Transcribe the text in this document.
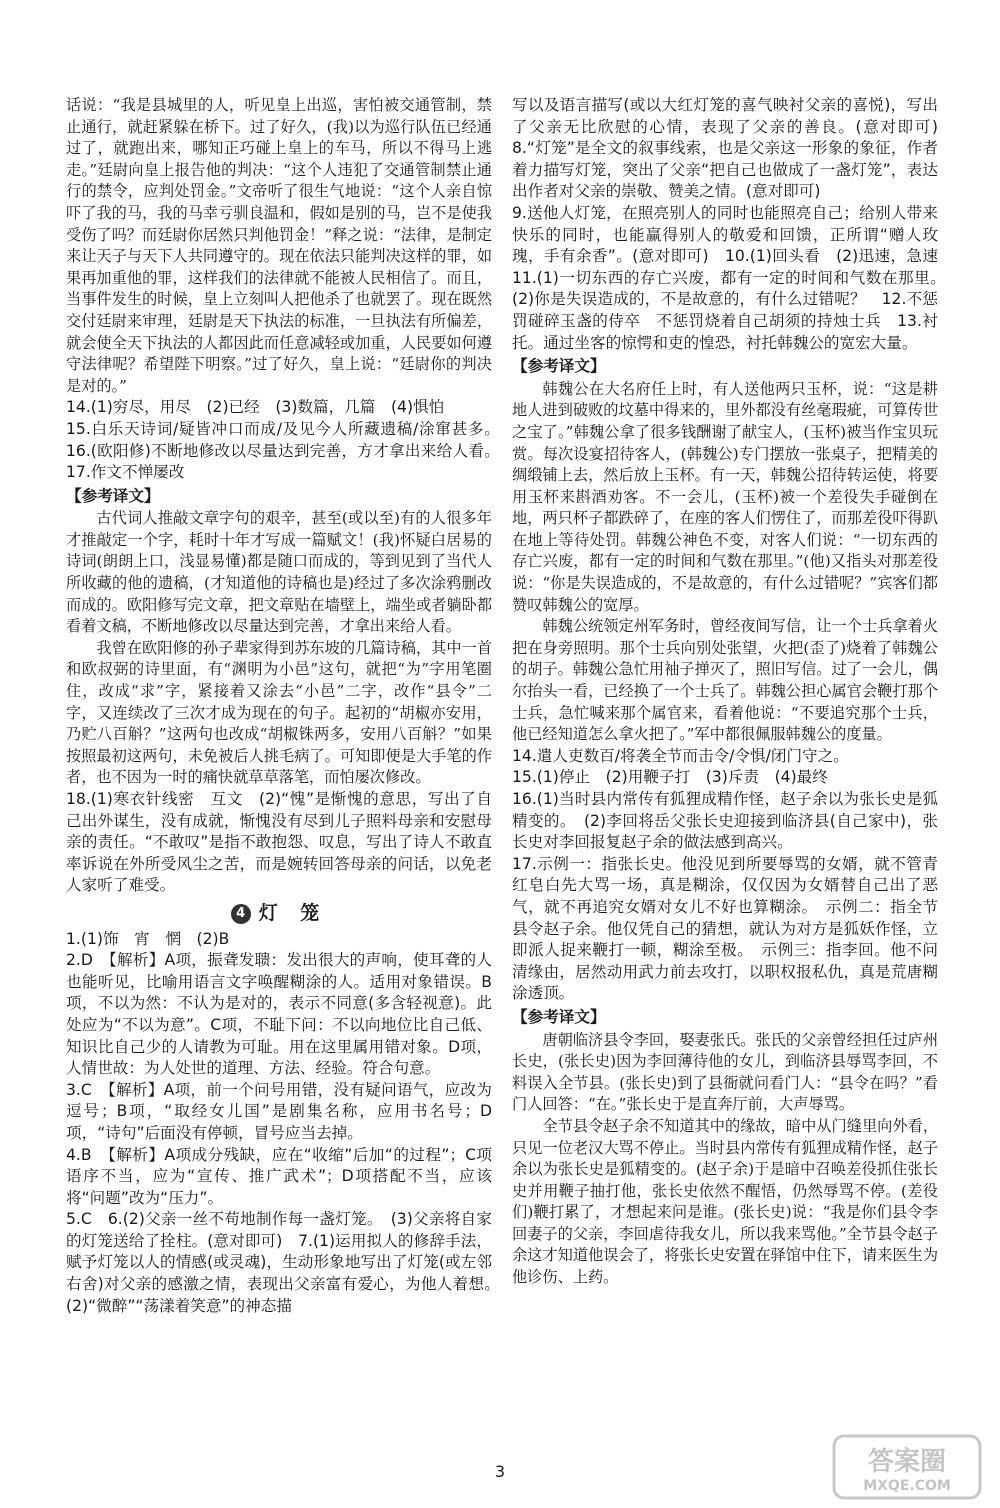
话说：“我是县城里的人，听见皇上出巡，害怕被交通管制，禁止通行，就赶紧躲在桥下。过了好久，(我)以为巡行队伍已经通过了，就跑出来，哪知正巧碰上皇上的车马，所以不得马上逃走。”廷尉向皇上报告他的判决：“这个人违犯了交通管制禁止通行的禁令，应判处罚金。”文帝听了很生气地说：“这个人亲自惊吓了我的马，我的马幸亏驯良温和，假如是别的马，岂不是使我受伤了吗？而廷尉你居然只判他罚金！”释之说：“法律，是制定来让天子与天下人共同遵守的。现在依法只能判决这样的罪，如果再加重他的罪，这样我们的法律就不能被人民相信了。而且，当事件发生的时候，皇上立刻叫人把他杀了也就罢了。现在既然交付廷尉来审理，廷尉是天下执法的标准，一旦执法有所偏差，就会使全天下执法的人都因此而任意减轻或加重，人民要如何遵守法律呢？希望陛下明察。”过了好久，皇上说：“廷尉你的判决是对的。”

14.(1)穷尽，用尽　(2)已经　(3)数篇，几篇　(4)惧怕

15.白乐天诗词/疑皆冲口而成/及见今人所藏遗稿/涂窜甚多。　16.(欧阳修)不断地修改以尽量达到完善，方才拿出来给人看。　17.作文不惮屡改

【参考译文】

古代词人推敲文章字句的艰辛，甚至(或以至)有的人很多年才推敲定一个字，耗时十年才写成一篇赋文！(我)怀疑白居易的诗词(朗朗上口，浅显易懂)都是随口而成的，等到见到了当代人所收藏的他的遗稿，(才知道他的诗稿也是)经过了多次涂鸦删改而成的。欧阳修写完文章，把文章贴在墙壁上，端坐或者躺卧都看着文稿，不断地修改以尽量达到完善，才拿出来给人看。

我曾在欧阳修的孙子辈家得到苏东坡的几篇诗稿，其中一首和欧叔弼的诗里面，有“渊明为小邑”这句，就把“为”字用笔圈住，改成“求”字，紧接着又涂去“小邑”二字，改作“县令”二字，又连续改了三次才成为现在的句子。起初的“胡椒亦安用，乃贮八百斛？”这两句也改成“胡椒铢两多，安用八百斛？”如果按照最初这两句，未免被后人挑毛病了。可知即便是大手笔的作者，也不因为一时的痛快就草草落笔，而怕屡次修改。

18.(1)寒衣针线密　互文　(2)“愧”是惭愧的意思，写出了自己出外谋生，没有成就，惭愧没有尽到儿子照料母亲和安慰母亲的责任。“不敢叹”是指不敢抱怨、叹息，写出了诗人不敢直率诉说在外所受风尘之苦，而是婉转回答母亲的问话，以免老人家听了难受。

4 灯 笼

1.(1)饰　宵　惘　(2)B

2.D　【解析】A项，振聋发聩：发出很大的声响，使耳聋的人也能听见，比喻用语言文字唤醒糊涂的人。适用对象错误。B项，不以为然：不认为是对的，表示不同意(多含轻视意)。此处应为“不以为意”。C项，不耻下问：不以向地位比自己低、知识比自己少的人请教为可耻。用在这里属用错对象。D项，人情世故：为人处世的道理、方法、经验。符合句意。

3.C　【解析】A项，前一个问号用错，没有疑问语气，应改为逗号；B项，“取经女儿国”是剧集名称，应用书名号；D项，“诗句”后面没有停顿，冒号应当去掉。

4.B　【解析】A项成分残缺，应在“收缩”后加“的过程”；C项语序不当，应为“宣传、推广武术”；D项搭配不当，应该将“问题”改为“压力”。

5.C　6.(2)父亲一丝不苟地制作每一盏灯笼。　(3)父亲将自家的灯笼送给了拴柱。(意对即可)　7.(1)运用拟人的修辞手法，赋予灯笼以人的情感(或灵魂)，生动形象地写出了灯笼(或左邻右舍)对父亲的感激之情，表现出父亲富有爱心，为他人着想。　(2)“微醉”“荡漾着笑意”的神态描

写以及语言描写(或以大红灯笼的喜气映衬父亲的喜悦)，写出了父亲无比欣慰的心情，表现了父亲的善良。(意对即可)　8.“灯笼”是全文的叙事线索，也是父亲这一形象的象征，作者着力描写灯笼，突出了父亲“把自己也做成了一盏灯笼”，表达出作者对父亲的崇敬、赞美之情。(意对即可)

9.送他人灯笼，在照亮别人的同时也能照亮自己；给别人带来快乐的同时，也能赢得别人的敬爱和回馈，正所谓“赠人玫瑰，手有余香”。(意对即可)　10.(1)回头看　(2)迅速，急速　11.(1)一切东西的存亡兴废，都有一定的时间和气数在那里。　(2)你是失误造成的，不是故意的，有什么过错呢？　12.不惩罚碰碎玉盏的侍卒　不惩罚烧着自己胡须的持烛士兵　13.衬托。通过坐客的惊愕和吏的惶恐，衬托韩魏公的宽宏大量。

【参考译文】

韩魏公在大名府任上时，有人送他两只玉杯，说：“这是耕地人进到破败的坟墓中得来的，里外都没有丝毫瑕疵，可算传世之宝了。”韩魏公拿了很多钱酬谢了献宝人，(玉杯)被当作宝贝玩赏。每次设宴招待客人，(韩魏公)专门摆放一张桌子，把精美的绸缎铺上去，然后放上玉杯。有一天，韩魏公招待转运使，将要用玉杯来斟酒劝客。不一会儿，(玉杯)被一个差役失手碰倒在地，两只杯子都跌碎了，在座的客人们愣住了，而那差役吓得趴在地上等待处罚。韩魏公神色不变，对客人们说：“一切东西的存亡兴废，都有一定的时间和气数在那里。”(他)又指头对那差役说：“你是失误造成的，不是故意的，有什么过错呢？”宾客们都赞叹韩魏公的宽厚。

韩魏公统领定州军务时，曾经夜间写信，让一个士兵拿着火把在身旁照明。那个士兵向别处张望，火把(歪了)烧着了韩魏公的胡子。韩魏公急忙用袖子掸灭了，照旧写信。过了一会儿，偶尔抬头一看，已经换了一个士兵了。韩魏公担心属官会鞭打那个士兵，急忙喊来那个属官来，看着他说：“不要追究那个士兵，他已经知道怎么拿火把了。”军中都很佩服韩魏公的度量。

14.遣人吏数百/将袭全节而击令/令惧/闭门守之。

15.(1)停止　(2)用鞭子打　(3)斥责　(4)最终

16.(1)当时县内常传有狐狸成精作怪，赵子余以为张长史是狐精变的。　(2)李回将岳父张长史迎接到临济县(自己家中)，张长史对李回报复赵子余的做法感到高兴。

17.示例一：指张长史。他没见到所要辱骂的女婿，就不管青红皂白先大骂一场，真是糊涂，仅仅因为女婿替自己出了恶气，就不再追究女婿对女儿不好也算糊涂。　示例二：指全节县令赵子余。他仅凭自己的猜想，就认为对方是狐妖作怪，立即派人捉来鞭打一顿，糊涂至极。　示例三：指李回。他不问清缘由，居然动用武力前去攻打，以职权报私仇，真是荒唐糊涂透顶。

【参考译文】

唐朝临济县令李回，娶妻张氏。张氏的父亲曾经担任过庐州长史，(张长史)因为李回薄待他的女儿，到临济县辱骂李回，不料误入全节县。(张长史)到了县衙就问看门人：“县令在吗？”看门人回答：“在。”张长史于是直奔厅前，大声辱骂。

全节县令赵子余不知道其中的缘故，暗中从门缝里向外看，只见一位老汉大骂不停止。当时县内常传有狐狸成精作怪，赵子余以为张长史是狐精变的。(赵子余)于是暗中召唤差役抓住张长史并用鞭子抽打他，张长史依然不醒悟，仍然辱骂不停。(差役们)鞭打累了，才想起来问是谁。(张长史)说：“我是你们县令李回妻子的父亲，李回虐待我女儿，所以我来骂他。”全节县令赵子余这才知道他误会了，将张长史安置在驿馆中住下，请来医生为他诊伤、上药。

3	答案圈
MXQE.COM
